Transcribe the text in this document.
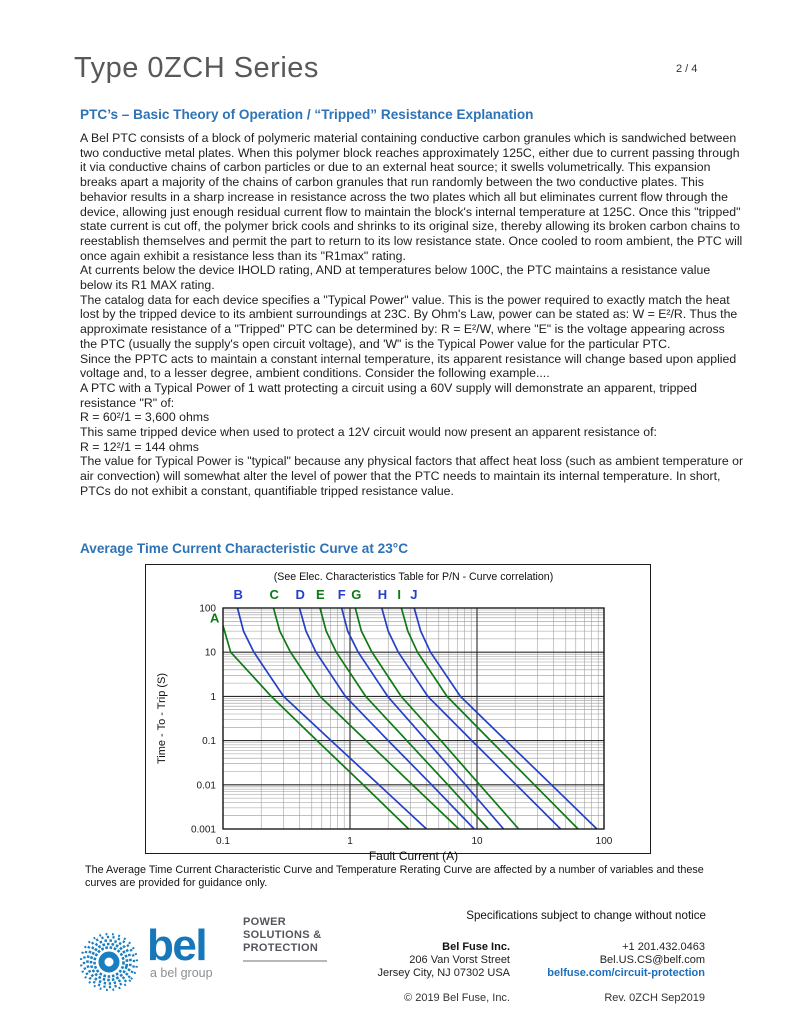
Type 0ZCH Series	2 / 4
PTC’s – Basic Theory of Operation / “Tripped” Resistance Explanation

A Bel PTC consists of a block of polymeric material containing conductive carbon granules which is sandwiched between two conductive metal plates. When this polymer block reaches approximately 125C, either due to current passing through it via conductive chains of carbon particles or due to an external heat source; it swells volumetrically. This expansion breaks apart a majority of the chains of carbon granules that run randomly between the two conductive plates. This behavior results in a sharp increase in resistance across the two plates which all but eliminates current flow through the device, allowing just enough residual current flow to maintain the block's internal temperature at 125C. Once this "tripped" state current is cut off, the polymer brick cools and shrinks to its original size, thereby allowing its broken carbon chains to reestablish themselves and permit the part to return to its low resistance state. Once cooled to room ambient, the PTC will once again exhibit a resistance less than its "R1max" rating.

At currents below the device IHOLD rating, AND at temperatures below 100C, the PTC maintains a resistance value below its R1 MAX rating.

The catalog data for each device specifies a "Typical Power" value. This is the power required to exactly match the heat lost by the tripped device to its ambient surroundings at 23C. By Ohm's Law, power can be stated as: W = E²/R. Thus the approximate resistance of a "Tripped" PTC can be determined by: R = E²/W, where "E" is the voltage appearing across the PTC (usually the supply's open circuit voltage), and 'W" is the Typical Power value for the particular PTC.

Since the PPTC acts to maintain a constant internal temperature, its apparent resistance will change based upon applied voltage and, to a lesser degree, ambient conditions. Consider the following example....

A PTC with a Typical Power of 1 watt protecting a circuit using a 60V supply will demonstrate an apparent, tripped resistance "R" of:

R = 60²/1 = 3,600 ohms

This same tripped device when used to protect a 12V circuit would now present an apparent resistance of:

R = 12²/1 = 144 ohms

The value for Typical Power is "typical" because any physical factors that affect heat loss (such as ambient temperature or air convection) will somewhat alter the level of power that the PTC needs to maintain its internal temperature. In short, PTCs do not exhibit a constant, quantifiable tripped resistance value.

Average Time Current Characteristic Curve at 23°C
A
B C D E F G H I J
0.1	1	10	100
100
10
1
0.1
0.01
0.001
(See Elec. Characteristics Table for P/N - Curve correlation)
Fault Current (A)
Time - To - Trip (S)
The Average Time Current Characteristic Curve and Temperature Rerating Curve are affected by a number of variables and these curves are provided for guidance only.
Specifications subject to change without notice
bel	POWER
SOLUTIONS &
PROTECTION
a bel group
Bel Fuse Inc.
206 Van Vorst Street
Jersey City, NJ 07302 USA
© 2019 Bel Fuse, Inc.
+1 201.432.0463
Bel.US.CS@belf.com
belfuse.com/circuit-protection
Rev. 0ZCH Sep2019
